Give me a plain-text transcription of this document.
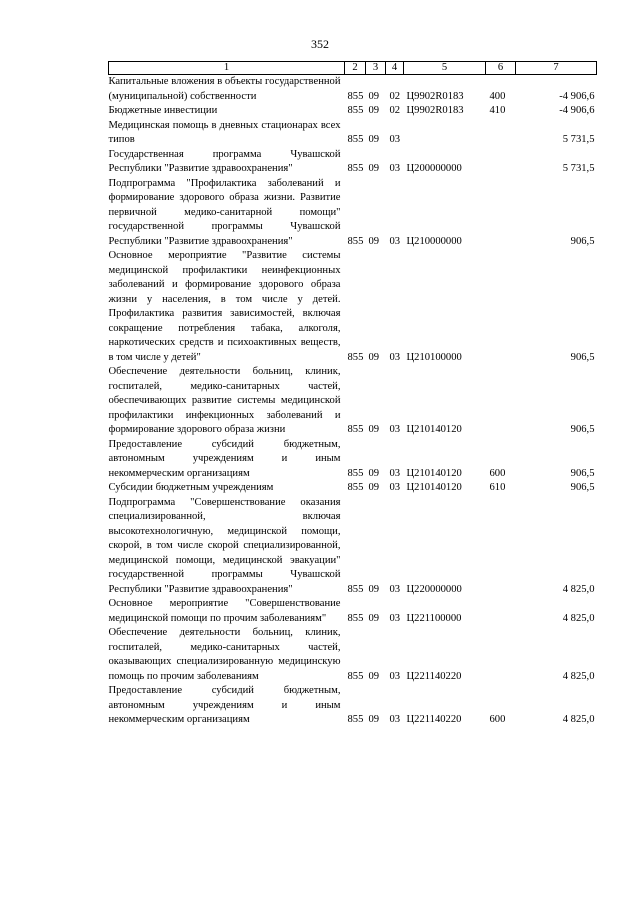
352
1	2	3	4	5	6	7
Капитальные вложения в объекты государственной (муниципальной) собственности	855	09	02	Ц9902R0183	400	-4 906,6
Бюджетные инвестиции	855	09	02	Ц9902R0183	410	-4 906,6
Медицинская помощь в дневных стационарах всех типов	855	09	03			5 731,5
Государственная программа Чувашской Республики "Развитие здравоохранения"	855	09	03	Ц200000000		5 731,5
Подпрограмма "Профилактика заболеваний и формирование здорового образа жизни. Развитие первичной медико-санитарной помощи" государственной программы Чувашской Республики "Развитие здравоохранения"	855	09	03	Ц210000000		906,5
Основное мероприятие "Развитие системы медицинской профилактики неинфекционных заболеваний и формирование здорового образа жизни у населения, в том числе у детей. Профилактика развития зависимостей, включая сокращение потребления табака, алкоголя, наркотических средств и психоактивных веществ, в том числе у детей"	855	09	03	Ц210100000		906,5
Обеспечение деятельности больниц, клиник, госпиталей, медико-санитарных частей, обеспечивающих развитие системы медицинской профилактики инфекционных заболеваний и формирование здорового образа жизни	855	09	03	Ц210140120		906,5
Предоставление субсидий бюджетным, автономным учреждениям и иным некоммерческим организациям	855	09	03	Ц210140120	600	906,5
Субсидии бюджетным учреждениям	855	09	03	Ц210140120	610	906,5
Подпрограмма "Совершенствование оказания специализированной, включая высокотехнологичную, медицинской помощи, скорой, в том числе скорой специализированной, медицинской помощи, медицинской эвакуации" государственной программы Чувашской Республики "Развитие здравоохранения"	855	09	03	Ц220000000		4 825,0
Основное мероприятие "Совершенствование медицинской помощи по прочим заболеваниям"	855	09	03	Ц221100000		4 825,0
Обеспечение деятельности больниц, клиник, госпиталей, медико-санитарных частей, оказывающих специализированную медицинскую помощь по прочим заболеваниям	855	09	03	Ц221140220		4 825,0
Предоставление субсидий бюджетным, автономным учреждениям и иным некоммерческим организациям	855	09	03	Ц221140220	600	4 825,0
